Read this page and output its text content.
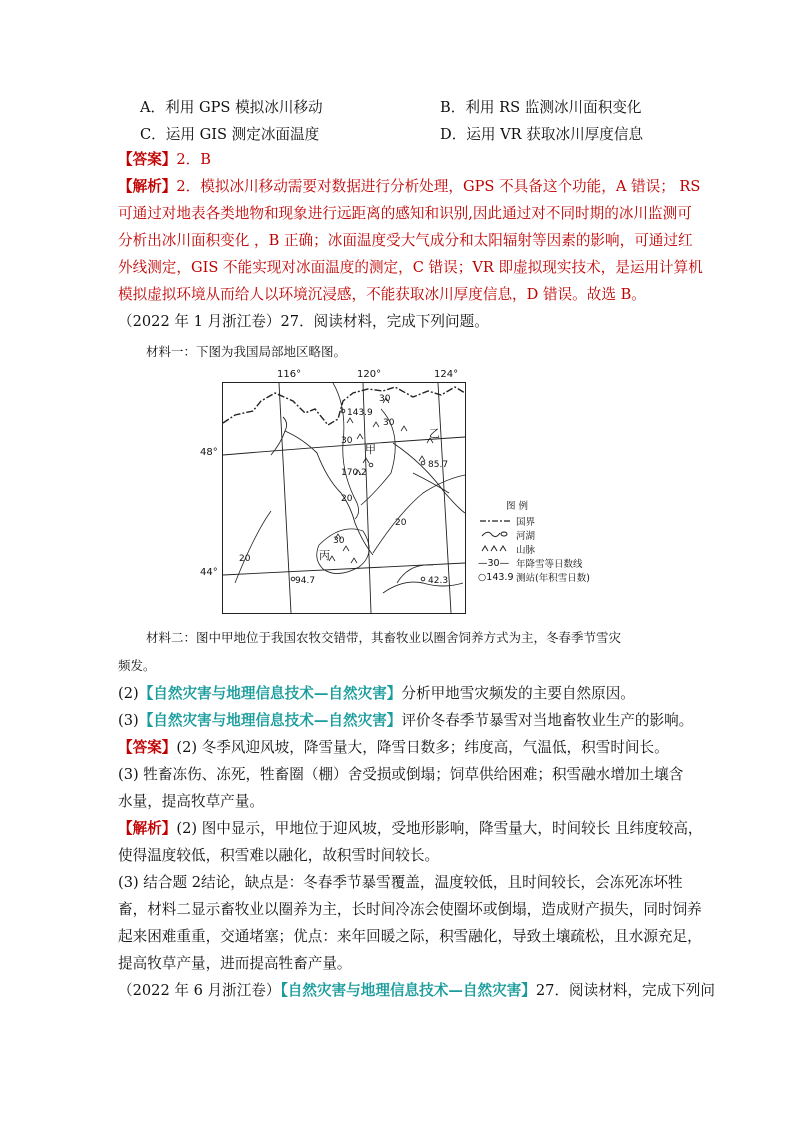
A．利用 GPS 模拟冰川移动	B．利用 RS 监测冰川面积变化
C．运用 GIS 测定冰面温度	D．运用 VR 获取冰川厚度信息
【答案】2．B
【解析】2．模拟冰川移动需要对数据进行分析处理，GPS 不具备这个功能，A 错误； RS
可通过对地表各类地物和现象进行远距离的感知和识别,因此通过对不同时期的冰川监测可
分析出冰川面积变化 ，B 正确；冰面温度受大气成分和太阳辐射等因素的影响，可通过红
外线测定，GIS 不能实现对冰面温度的测定，C 错误；VR 即虚拟现实技术，是运用计算机
模拟虚拟环境从而给人以环境沉浸感，不能获取冰川厚度信息，D 错误。故选 B。
（2022 年 1 月浙江卷）27．阅读材料，完成下列问题。
材料一：下图为我国局部地区略图。
116°	120°	124°
48°
44°
143.9
170.2
85.7
94.7	42.3
30
30
20
20
30
30
20
甲
乙
丙
图 例
国界
河湖
山脉
—30— 年降雪等日数线
○143.9 测站(年积雪日数)
材料二：图中甲地位于我国农牧交错带，其畜牧业以圈舍饲养方式为主，冬春季节雪灾
频发。
(2)【自然灾害与地理信息技术—自然灾害】分析甲地雪灾频发的主要自然原因。
(3)【自然灾害与地理信息技术—自然灾害】评价冬春季节暴雪对当地畜牧业生产的影响。
【答案】(2) 冬季风迎风坡，降雪量大，降雪日数多；纬度高，气温低，积雪时间长。
(3) 牲畜冻伤、冻死，牲畜圈（棚）舍受损或倒塌；饲草供给困难；积雪融水增加土壤含
水量，提高牧草产量。
【解析】(2) 图中显示，甲地位于迎风坡，受地形影响，降雪量大，时间较长 且纬度较高，
使得温度较低，积雪难以融化，故积雪时间较长。
(3) 结合题 2结论，缺点是：冬春季节暴雪覆盖，温度较低，且时间较长，会冻死冻坏牲
畜，材料二显示畜牧业以圈养为主，长时间冷冻会使圈坏或倒塌，造成财产损失，同时饲养
起来困难重重，交通堵塞；优点：来年回暖之际，积雪融化，导致土壤疏松，且水源充足，
提高牧草产量，进而提高牲畜产量。
（2022 年 6 月浙江卷）【自然灾害与地理信息技术—自然灾害】27．阅读材料，完成下列问
